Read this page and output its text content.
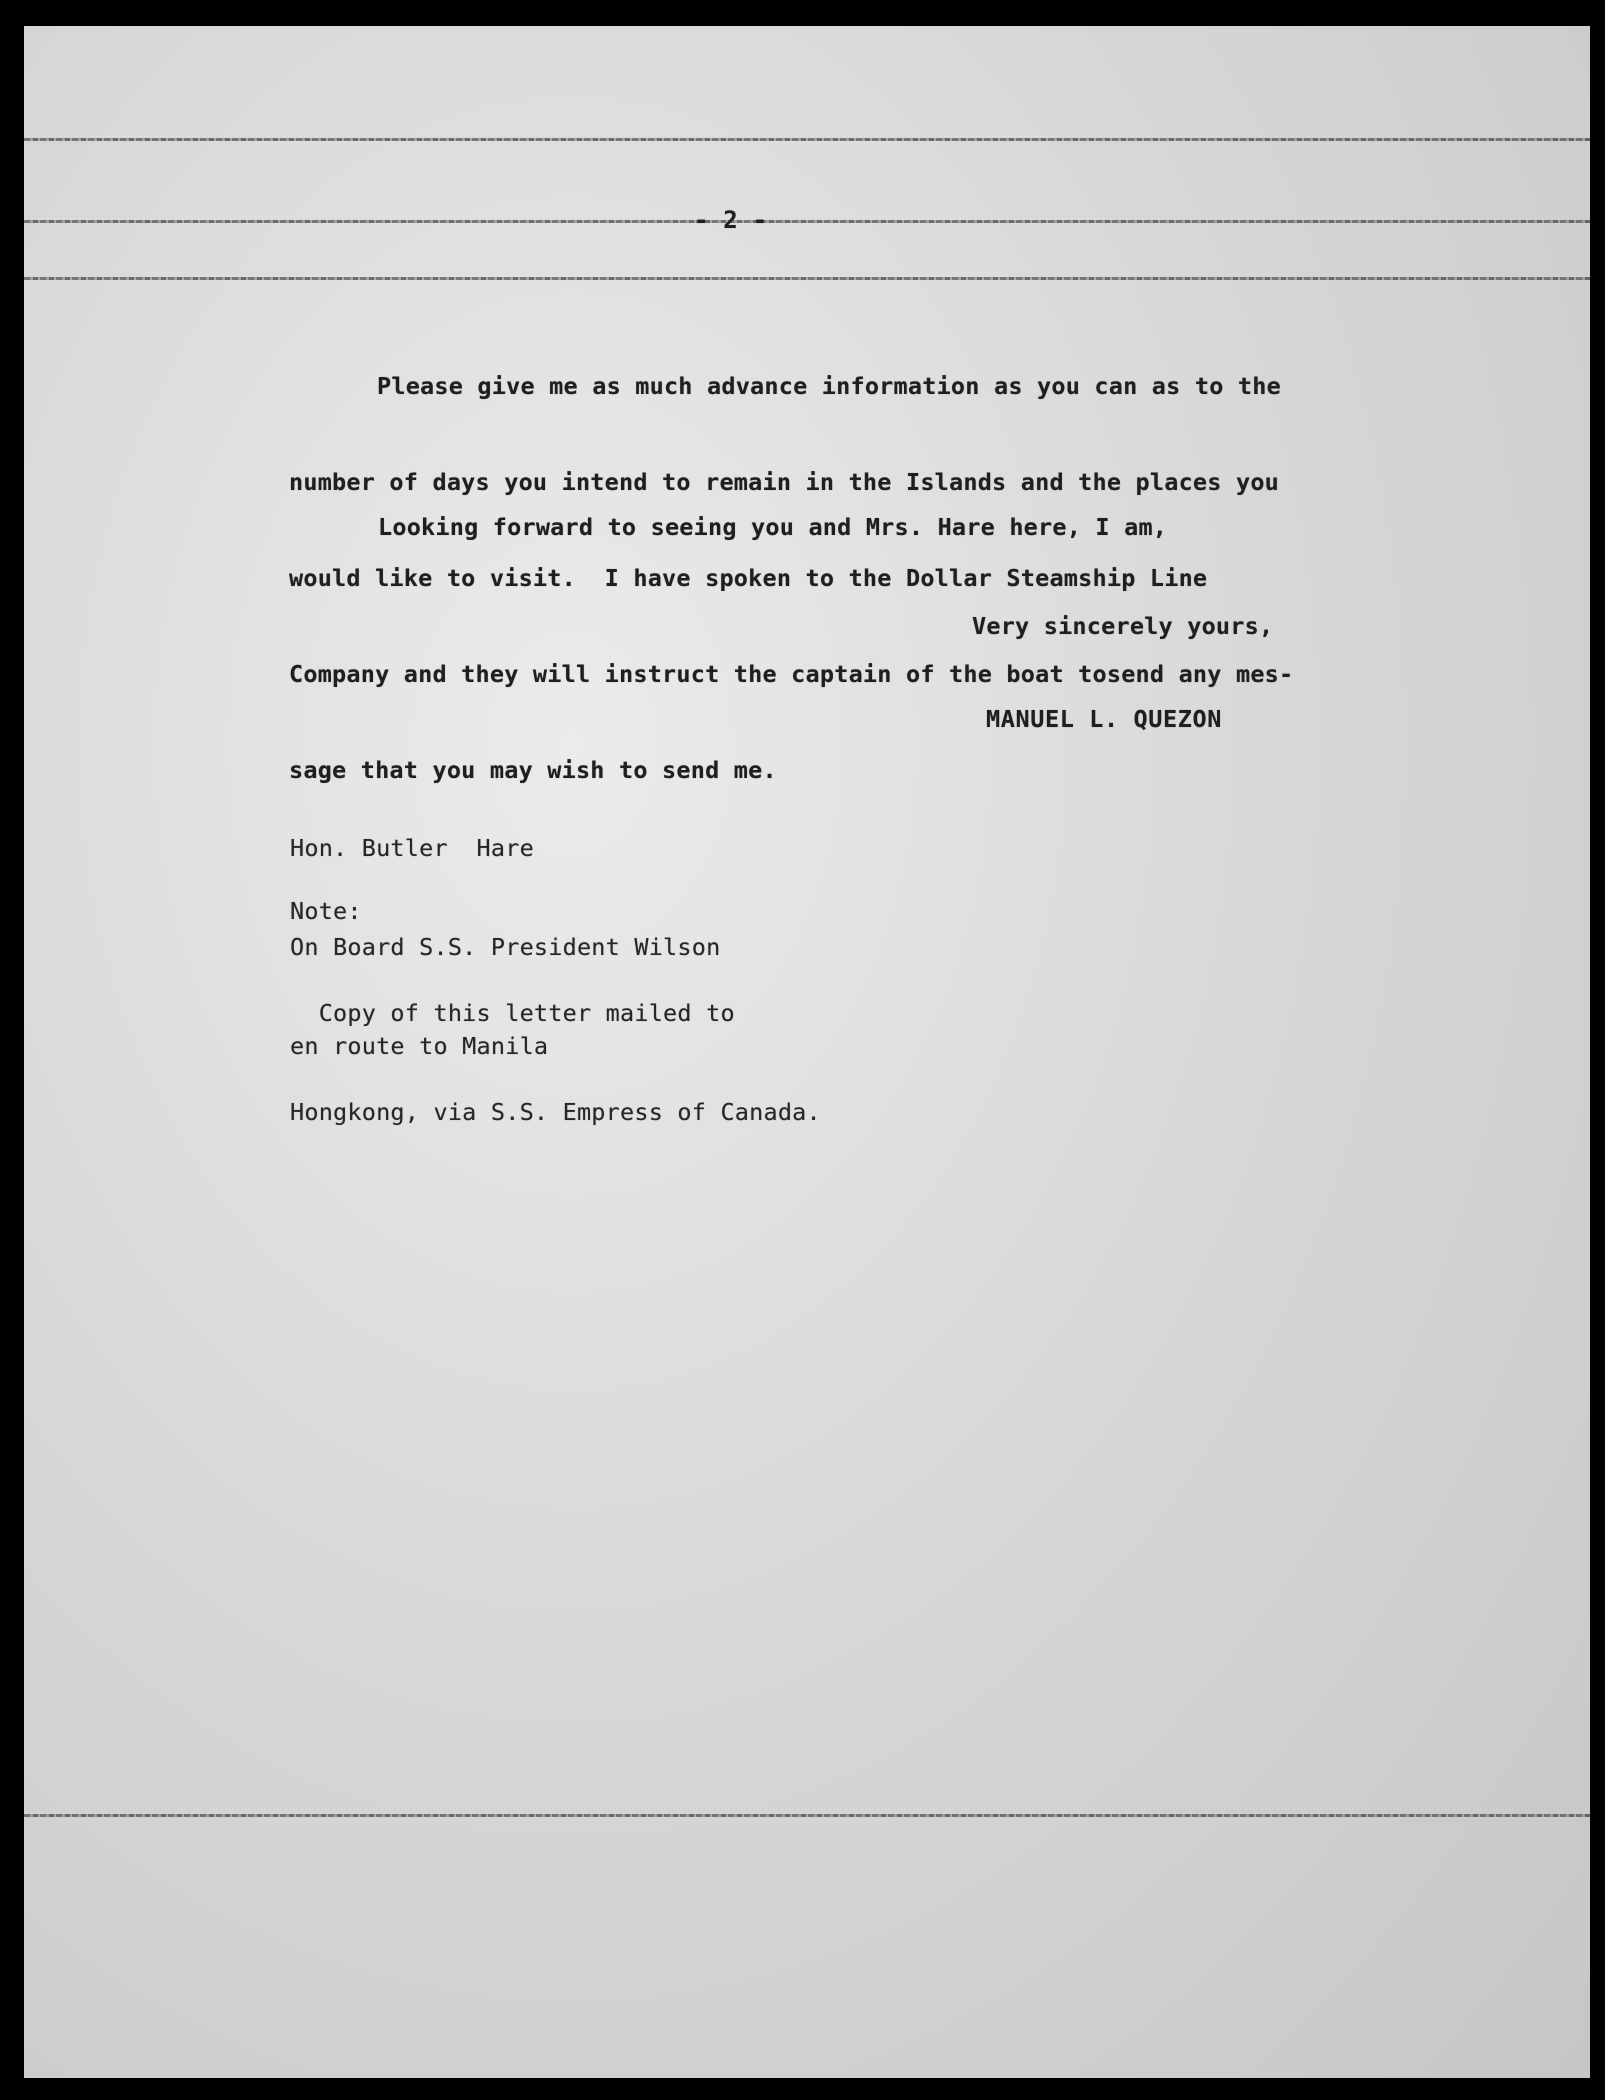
- 2 -

Please give me as much advance information as you can as to the

number of days you intend to remain in the Islands and the places you

would like to visit.  I have spoken to the Dollar Steamship Line

Company and they will instruct the captain of the boat tosend any mes-

sage that you may wish to send me.

Looking forward to seeing you and Mrs. Hare here, I am,
Very sincerely yours,
MANUEL L. QUEZON

Hon. Butler  Hare

On Board S.S. President Wilson

en route to Manila

Note:

Copy of this letter mailed to

Hongkong, via S.S. Empress of Canada.
